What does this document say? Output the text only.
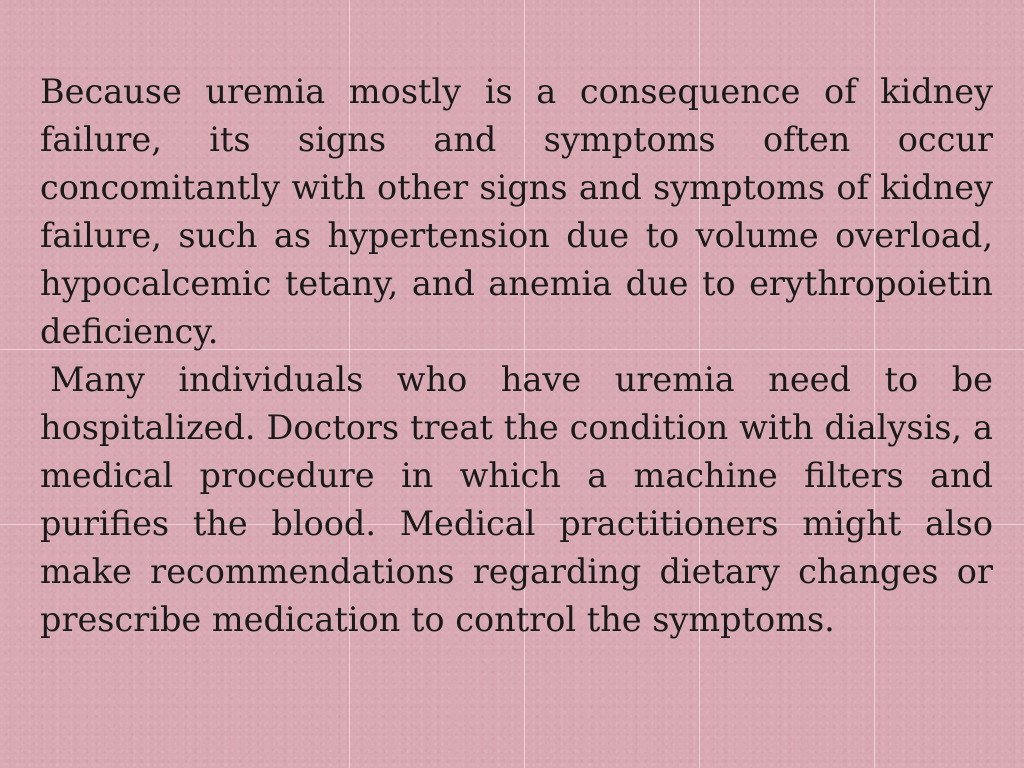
Because uremia mostly is a consequence of kidney failure, its signs and symptoms often occur concomitantly with other signs and symptoms of kidney failure, such as hypertension due to volume overload, hypocalcemic tetany, and anemia due to erythropoietin deficiency.

Many individuals who have uremia need to be hospitalized. Doctors treat the condition with dialysis, a medical procedure in which a machine filters and purifies the blood. Medical practitioners might also make recommendations regarding dietary changes or prescribe medication to control the symptoms.
